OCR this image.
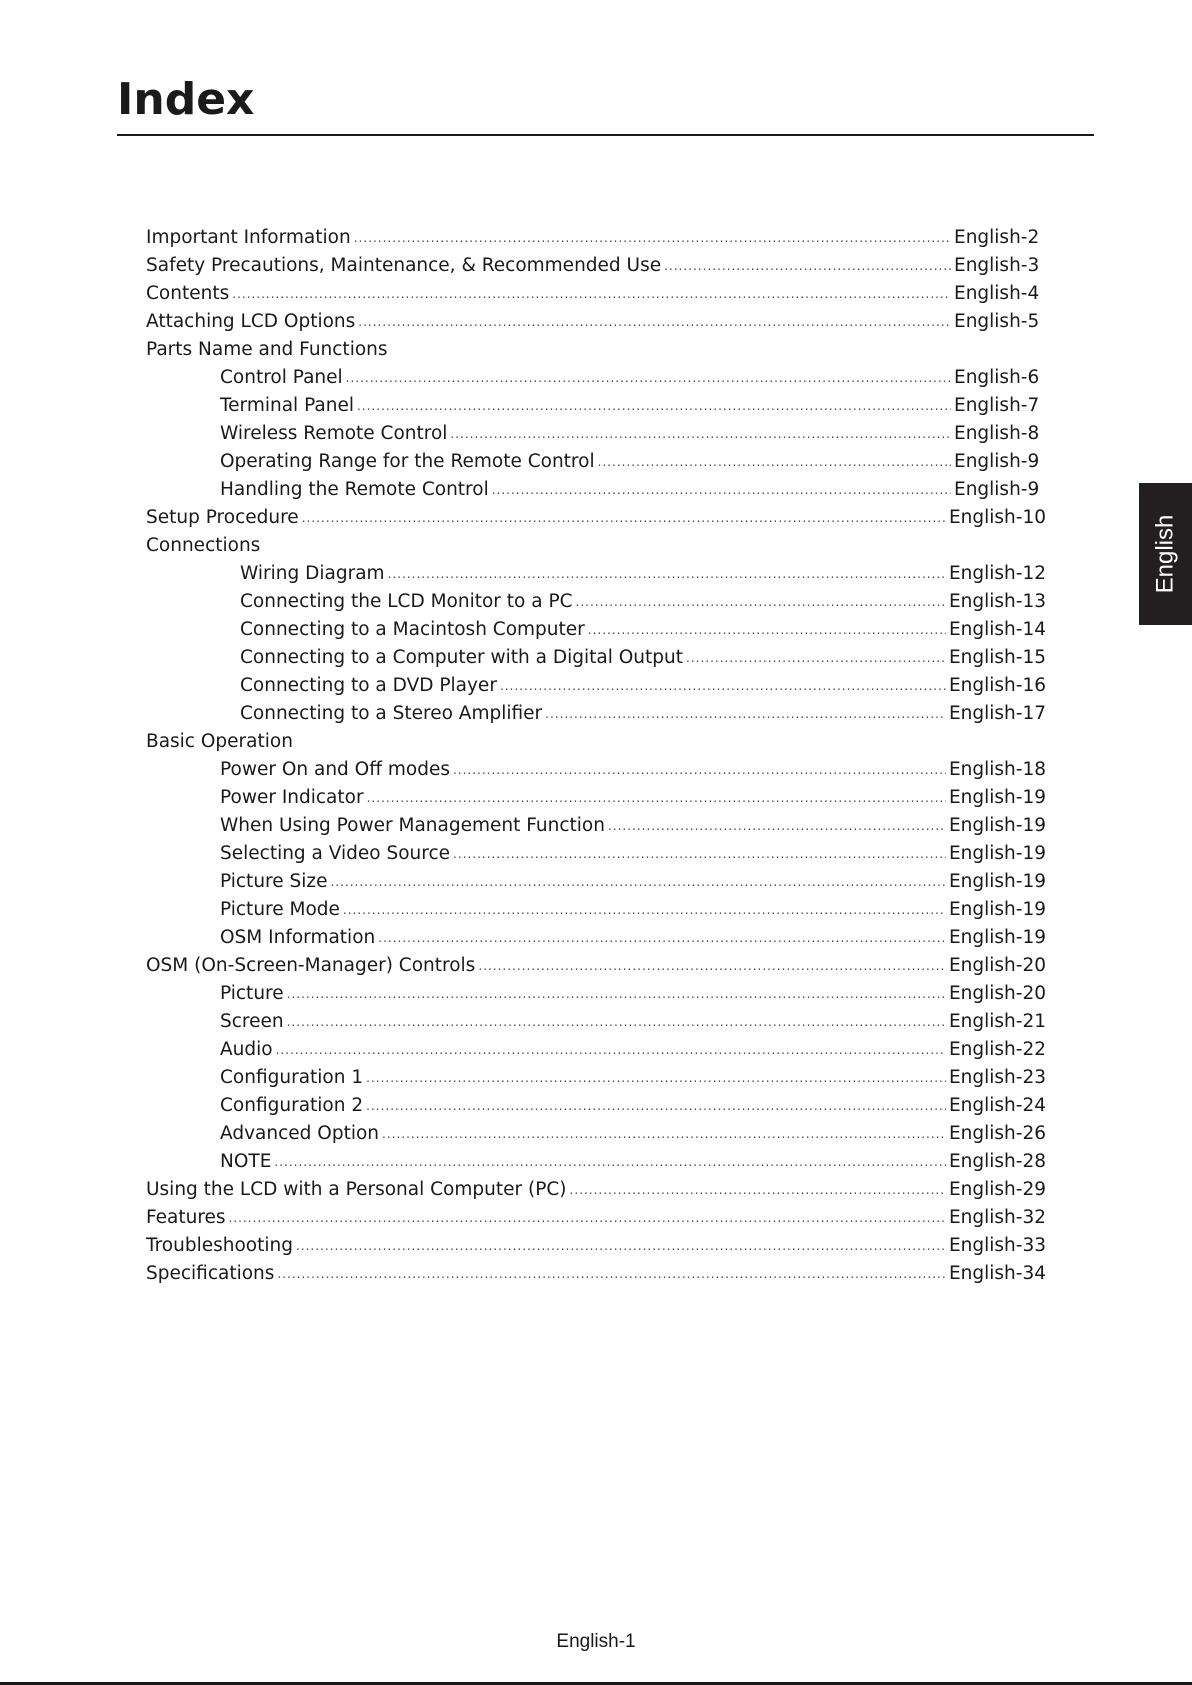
Index
Important Information .....	English-2
Safety Precautions, Maintenance, & Recommended Use .....	English-3
Contents .....	English-4
Attaching LCD Options .....	English-5
Parts Name and Functions
Control Panel .....	English-6
Terminal Panel .....	English-7
Wireless Remote Control .....	English-8
Operating Range for the Remote Control .....	English-9
Handling the Remote Control .....	English-9
Setup Procedure .....	English-10
Connections
Wiring Diagram .....	English-12
Connecting the LCD Monitor to a PC .....	English-13
Connecting to a Macintosh Computer .....	English-14
Connecting to a Computer with a Digital Output .....	English-15
Connecting to a DVD Player .....	English-16
Connecting to a Stereo Amplifier .....	English-17
Basic Operation
Power On and Off modes .....	English-18
Power Indicator .....	English-19
When Using Power Management Function .....	English-19
Selecting a Video Source .....	English-19
Picture Size .....	English-19
Picture Mode .....	English-19
OSM Information .....	English-19
OSM (On-Screen-Manager) Controls .....	English-20
Picture .....	English-20
Screen .....	English-21
Audio .....	English-22
Configuration 1 .....	English-23
Configuration 2 .....	English-24
Advanced Option .....	English-26
NOTE .....	English-28
Using the LCD with a Personal Computer (PC) .....	English-29
Features .....	English-32
Troubleshooting .....	English-33
Specifications .....	English-34
English
English-1
